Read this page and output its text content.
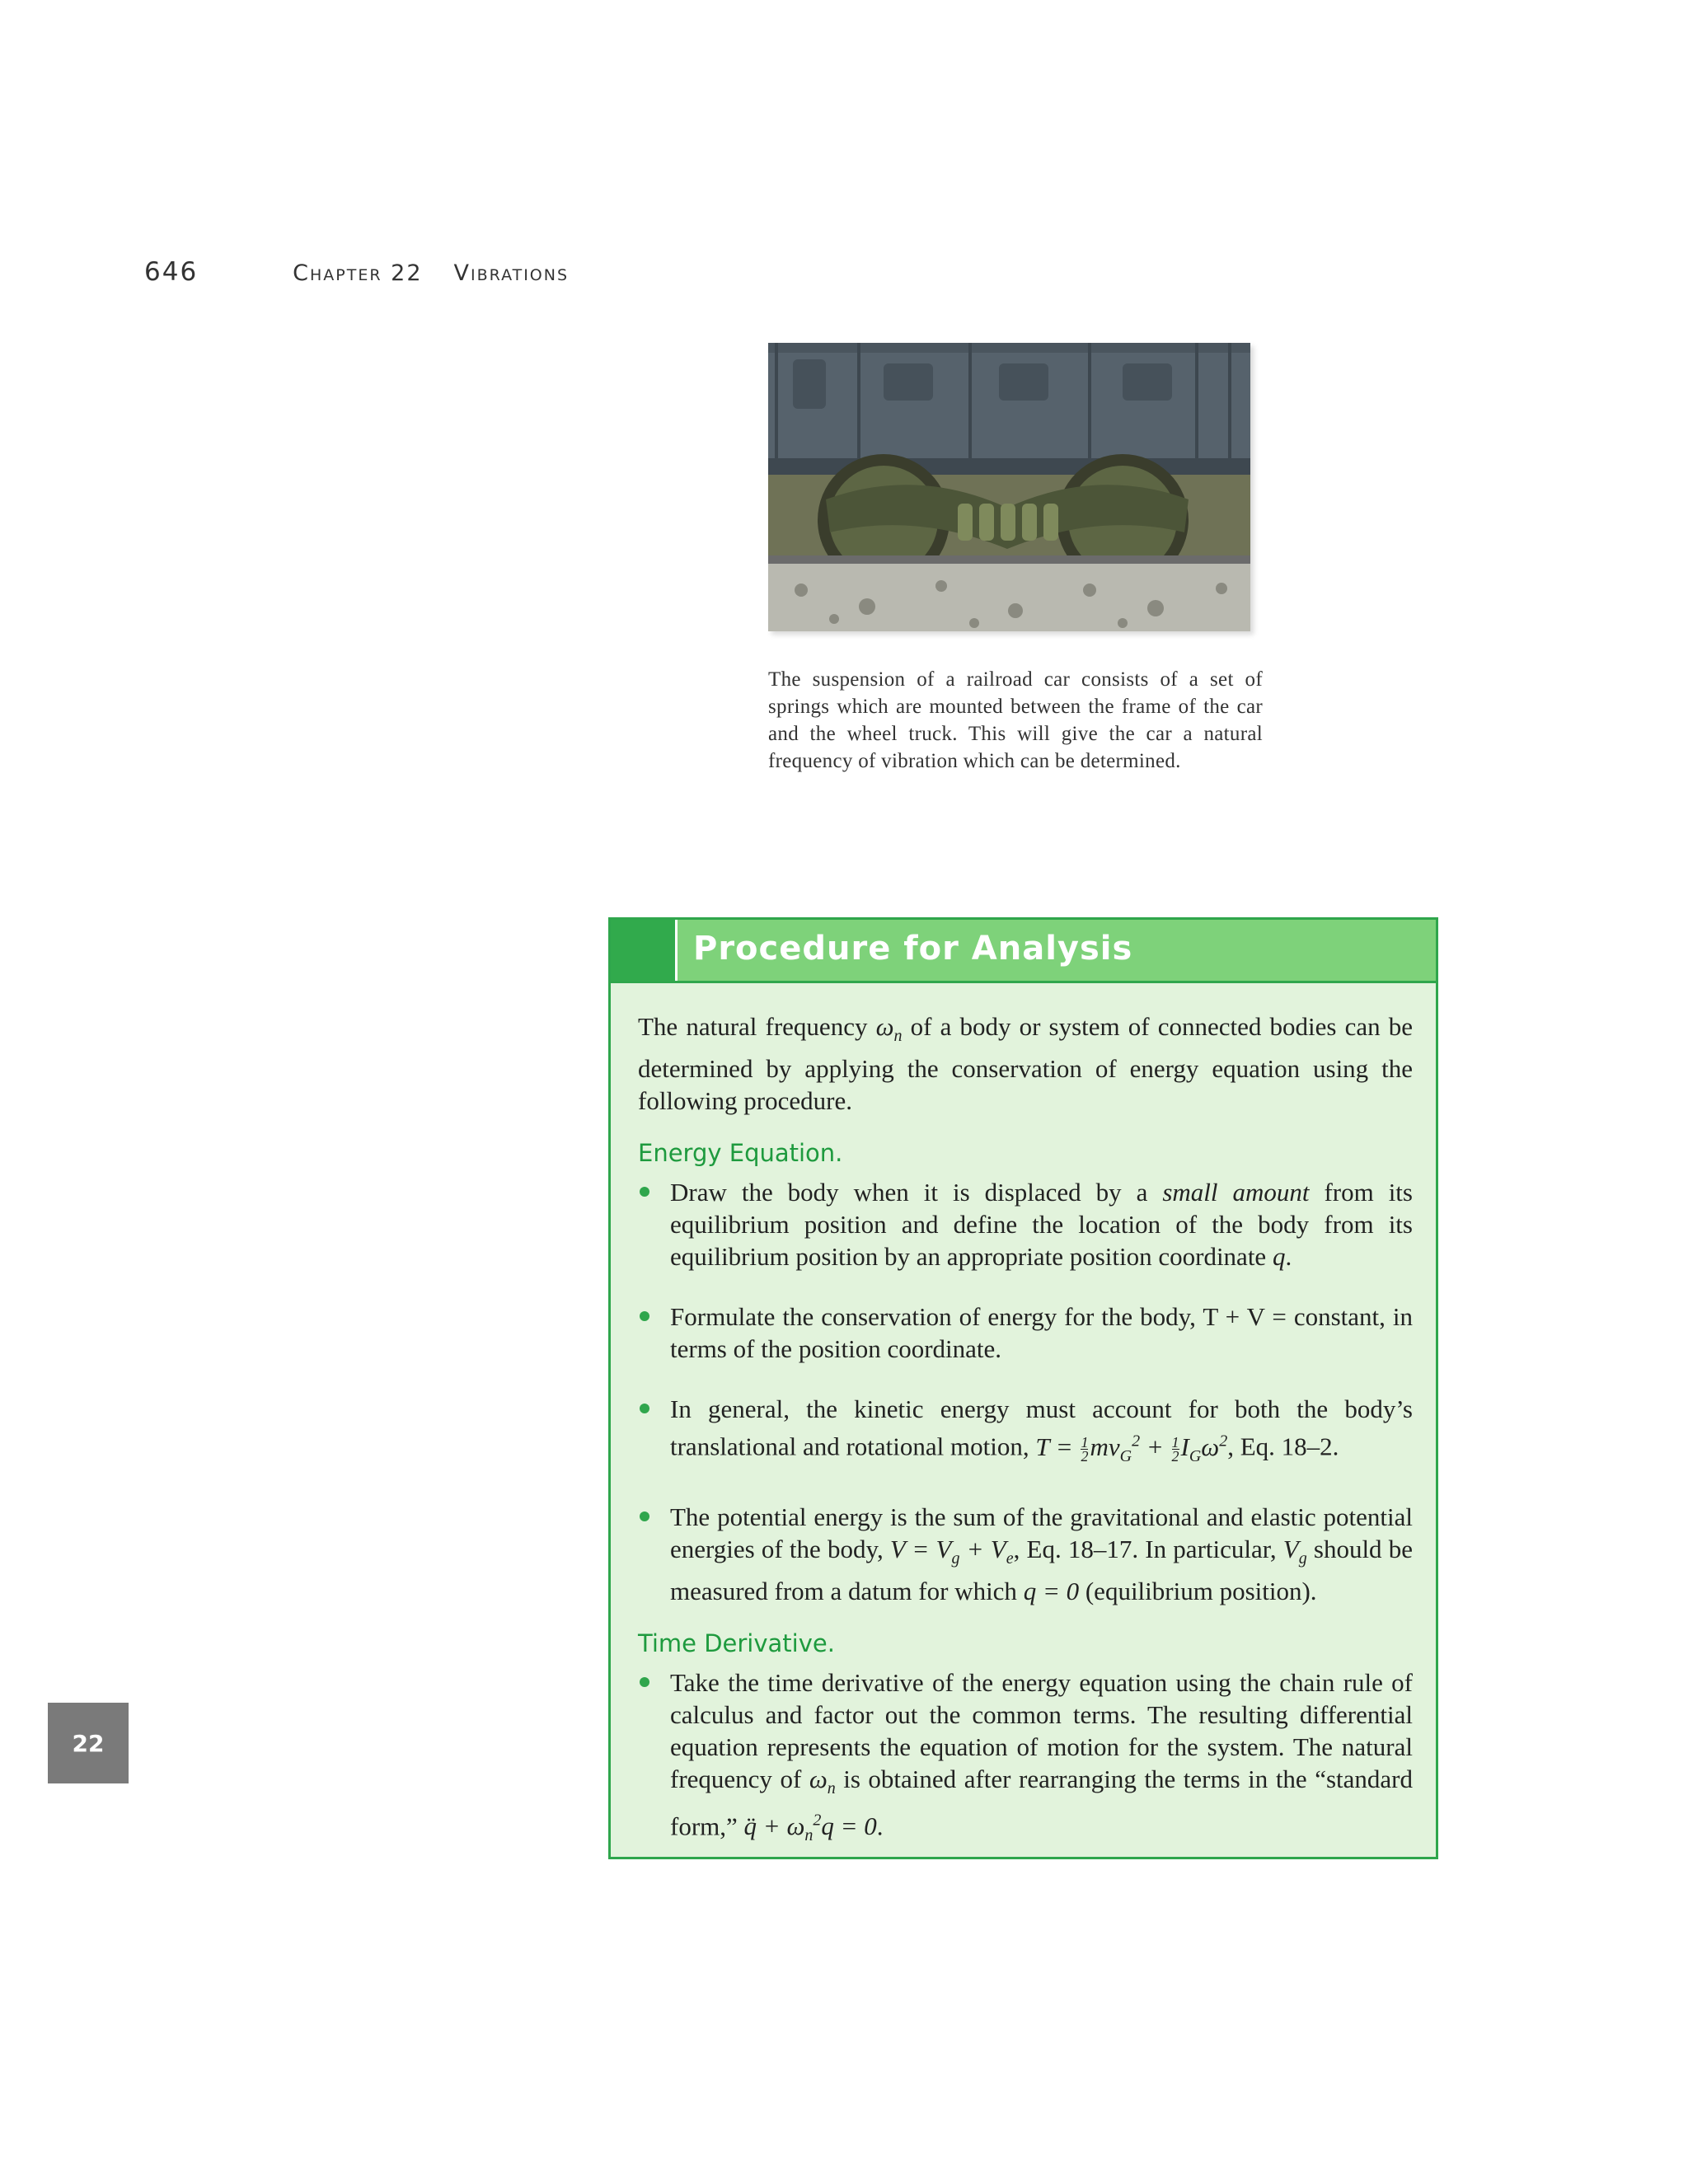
646	Chapter 22 Vibrations
The suspension of a railroad car consists of a set of springs which are mounted between the frame of the car and the wheel truck. This will give the car a natural frequency of vibration which can be determined.
Procedure for Analysis

The natural frequency $\omega_n$ of a body or system of connected bodies can be determined by applying the conservation of energy equation using the following procedure.

Energy Equation.
Draw the body when it is displaced by a small amount from its equilibrium position and define the location of the body from its equilibrium position by an appropriate position coordinate q.
Formulate the conservation of energy for the body, T + V = constant, in terms of the position coordinate.
In general, the kinetic energy must account for both the body’s translational and rotational motion, $T = \frac{1}{2} mv_G^2 + \frac{1}{2} I_G\omega^2$, Eq. 18–2.
The potential energy is the sum of the gravitational and elastic potential energies of the body, $V = V_g + V_e$, Eq. 18–17. In particular, $V_g$ should be measured from a datum for which q = 0 (equilibrium position).
Time Derivative.
Take the time derivative of the energy equation using the chain rule of calculus and factor out the common terms. The resulting differential equation represents the equation of motion for the system. The natural frequency of $\omega_n$ is obtained after rearranging the terms in the “standard form,” q̈ + $\omega_n^2q = 0$.
22
